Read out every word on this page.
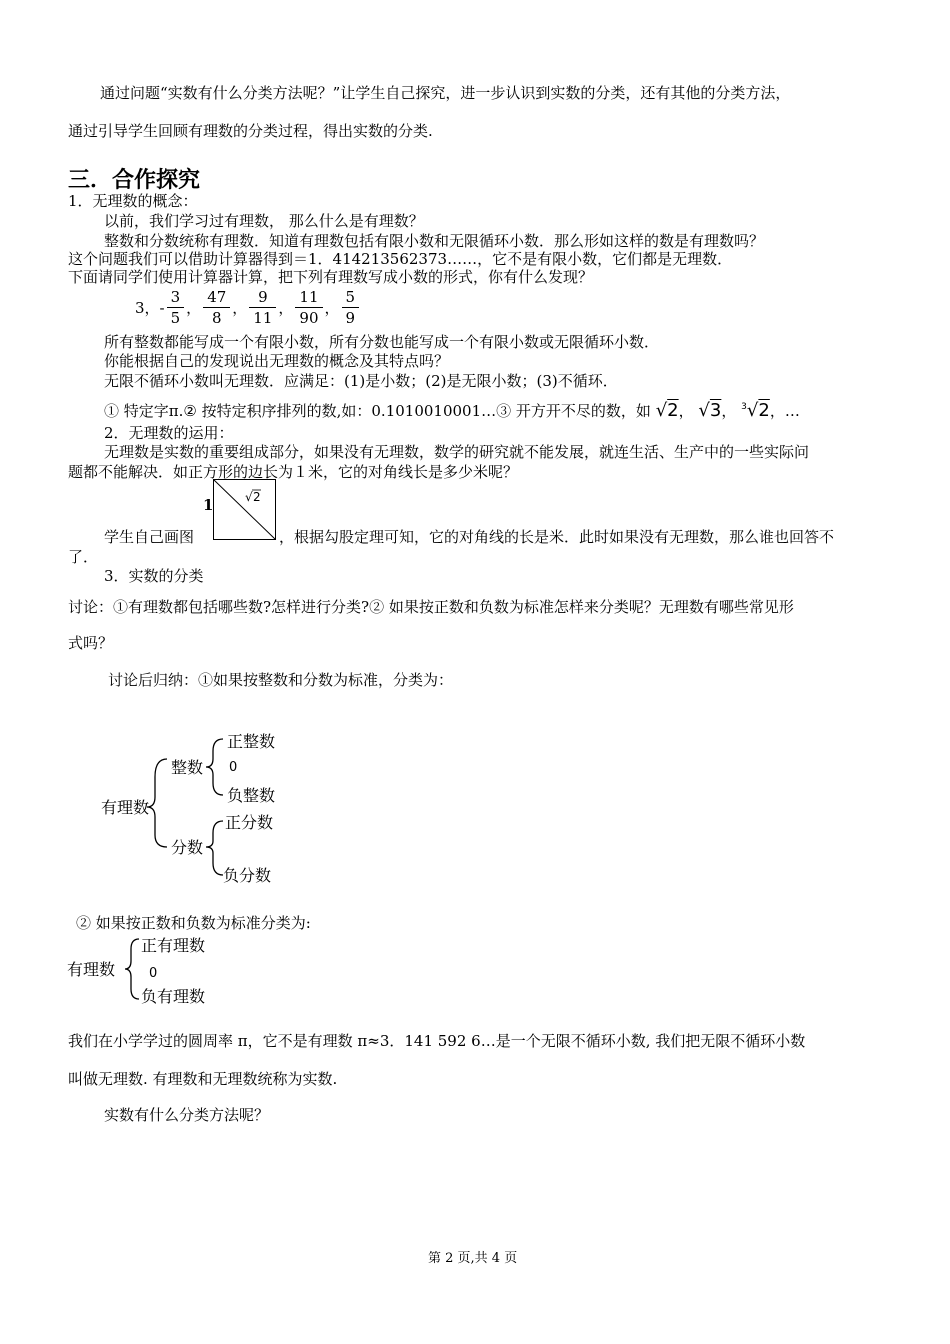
通过问题“实数有什么分类方法呢？”让学生自己探究，进一步认识到实数的分类，还有其他的分类方法，
通过引导学生回顾有理数的分类过程，得出实数的分类.
三．合作探究
1．无理数的概念：
以前，我们学习过有理数， 那么什么是有理数？
整数和分数统称有理数．知道有理数包括有限小数和无限循环小数．那么形如这样的数是有理数吗？
这个问题我们可以借助计算器得到＝1．414213562373……，它不是有限小数，它们都是无理数．
下面请同学们使用计算器计算，把下列有理数写成小数的形式，你有什么发现？
3，- $\frac{3}{5}$ ， $\frac{47}{8}$ ， $\frac{9}{11}$ ， $\frac{11}{90}$ ， $\frac{5}{9}$
所有整数都能写成一个有限小数，所有分数也能写成一个有限小数或无限循环小数．
你能根据自己的发现说出无理数的概念及其特点吗？
无限不循环小数叫无理数．应满足：(1)是小数；(2)是无限小数；(3)不循环．
① 特定字π.② 按特定积序排列的数,如：0.1010010001…③ 开方开不尽的数，如 √2， √3， $^3$√2，…
2．无理数的运用：
无理数是实数的重要组成部分，如果没有无理数，数学的研究就不能发展，就连生活、生产中的一些实际问
题都不能解决．如正方形的边长为１米，它的对角线长是多少米呢？
1	√ 2
学生自己画图	，根据勾股定理可知，它的对角线的长是米．此时如果没有无理数，那么谁也回答不
了．
3．实数的分类
讨论：①有理数都包括哪些数?怎样进行分类?② 如果按正数和负数为标准怎样来分类呢？无理数有哪些常见形
式吗？
讨论后归纳：①如果按整数和分数为标准，分类为：
有理数
整数
分数
正整数
0
负整数
正分数
负分数
② 如果按正数和负数为标准分类为:
有理数
正有理数
0
负有理数
我们在小学学过的圆周率 π，它不是有理数 π≈3．141 592 6…是一个无限不循环小数, 我们把无限不循环小数
叫做无理数. 有理数和无理数统称为实数.
实数有什么分类方法呢？
第 2 页,共 4 页
